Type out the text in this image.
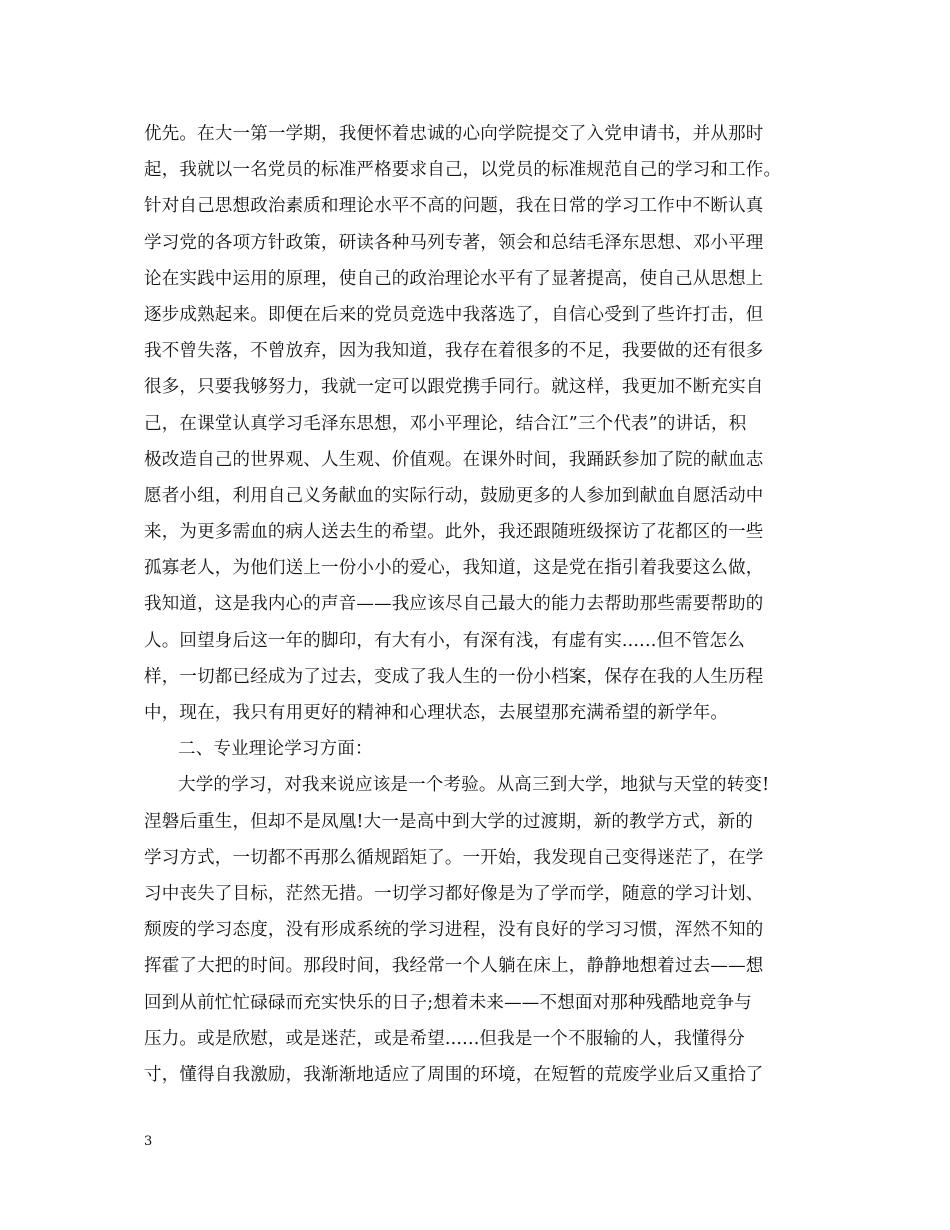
优先。在大一第一学期，我便怀着忠诚的心向学院提交了入党申请书，并从那时
起，我就以一名党员的标准严格要求自己，以党员的标准规范自己的学习和工作。
针对自己思想政治素质和理论水平不高的问题，我在日常的学习工作中不断认真
学习党的各项方针政策，研读各种马列专著，领会和总结毛泽东思想、邓小平理
论在实践中运用的原理，使自己的政治理论水平有了显著提高，使自己从思想上
逐步成熟起来。即便在后来的党员竞选中我落选了，自信心受到了些许打击，但
我不曾失落，不曾放弃，因为我知道，我存在着很多的不足，我要做的还有很多
很多，只要我够努力，我就一定可以跟党携手同行。就这样，我更加不断充实自
己，在课堂认真学习毛泽东思想，邓小平理论，结合江”三个代表”的讲话，积
极改造自己的世界观、人生观、价值观。在课外时间，我踊跃参加了院的献血志
愿者小组，利用自己义务献血的实际行动，鼓励更多的人参加到献血自愿活动中
来，为更多需血的病人送去生的希望。此外，我还跟随班级探访了花都区的一些
孤寡老人，为他们送上一份小小的爱心，我知道，这是党在指引着我要这么做，
我知道，这是我内心的声音——我应该尽自己最大的能力去帮助那些需要帮助的
人。回望身后这一年的脚印，有大有小，有深有浅，有虚有实......但不管怎么
样，一切都已经成为了过去，变成了我人生的一份小档案，保存在我的人生历程
中，现在，我只有用更好的精神和心理状态，去展望那充满希望的新学年。
二、专业理论学习方面：
大学的学习，对我来说应该是一个考验。从高三到大学，地狱与天堂的转变!
涅磐后重生，但却不是凤凰!大一是高中到大学的过渡期，新的教学方式，新的
学习方式，一切都不再那么循规蹈矩了。一开始，我发现自己变得迷茫了，在学
习中丧失了目标，茫然无措。一切学习都好像是为了学而学，随意的学习计划、
颓废的学习态度，没有形成系统的学习进程，没有良好的学习习惯，浑然不知的
挥霍了大把的时间。那段时间，我经常一个人躺在床上，静静地想着过去——想
回到从前忙忙碌碌而充实快乐的日子;想着未来——不想面对那种残酷地竞争与
压力。或是欣慰，或是迷茫，或是希望......但我是一个不服输的人，我懂得分
寸，懂得自我激励，我渐渐地适应了周围的环境，在短暂的荒废学业后又重拾了
3
